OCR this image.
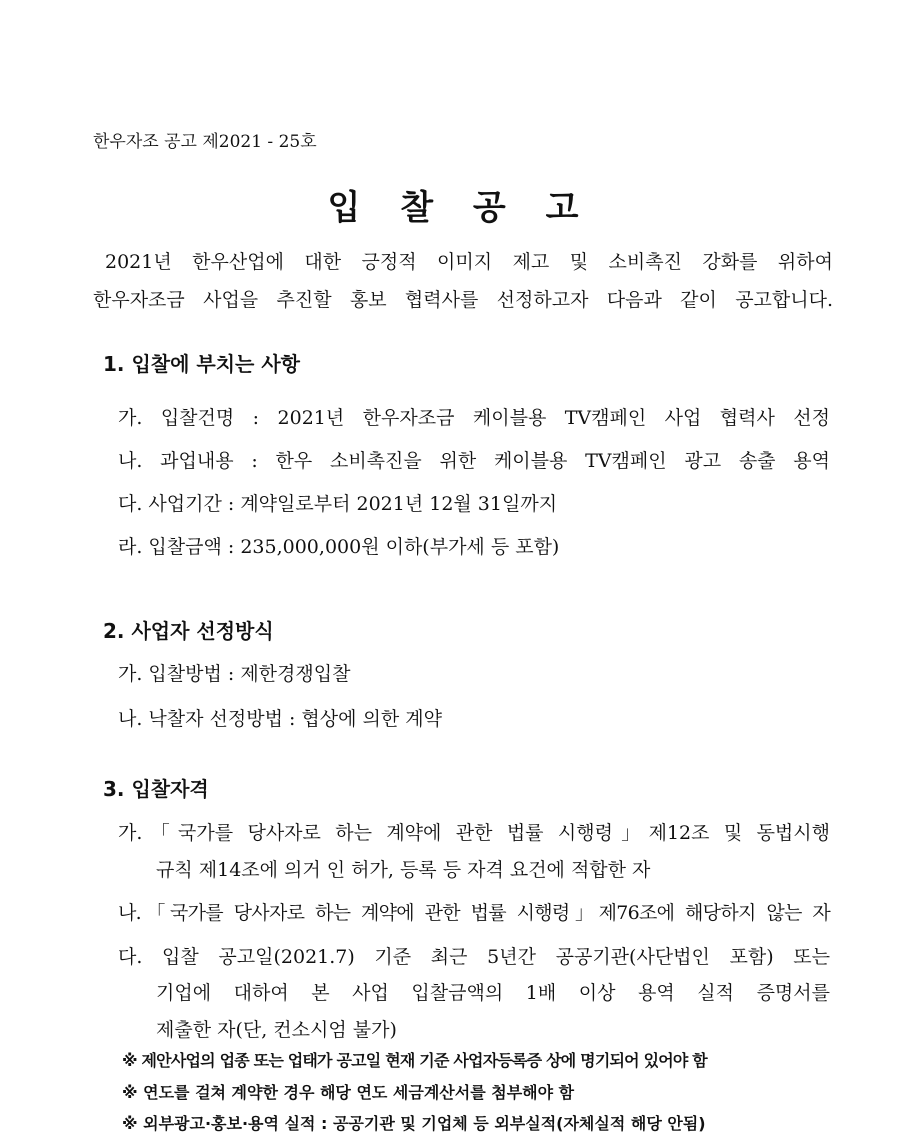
한우자조 공고 제2021 - 25호
입 찰 공 고
2021년 한우산업에 대한 긍정적 이미지 제고 및 소비촉진 강화를 위하여
한우자조금 사업을 추진할 홍보 협력사를 선정하고자 다음과 같이 공고합니다.
1. 입찰에 부치는 사항
가. 입찰건명 : 2021년 한우자조금 케이블용 TV캠페인 사업 협력사 선정
나. 과업내용 : 한우 소비촉진을 위한 케이블용 TV캠페인 광고 송출 용역
다. 사업기간 : 계약일로부터 2021년 12월 31일까지
라. 입찰금액 : 235,000,000원 이하(부가세 등 포함)
2. 사업자 선정방식
가. 입찰방법 : 제한경쟁입찰
나. 낙찰자 선정방법 : 협상에 의한 계약
3. 입찰자격
가.「국가를 당사자로 하는 계약에 관한 법률 시행령」제12조 및 동법시행
규칙 제14조에 의거 인 허가, 등록 등 자격 요건에 적합한 자
나.「국가를 당사자로 하는 계약에 관한 법률 시행령」제76조에 해당하지 않는 자
다. 입찰 공고일(2021.7) 기준 최근 5년간 공공기관(사단법인 포함) 또는
기업에 대하여 본 사업 입찰금액의 1배 이상 용역 실적 증명서를
제출한 자(단, 컨소시엄 불가)
※ 제안사업의 업종 또는 업태가 공고일 현재 기준 사업자등록증 상에 명기되어 있어야 함
※ 연도를 걸쳐 계약한 경우 해당 연도 세금계산서를 첨부해야 함
※ 외부광고·홍보·용역 실적 : 공공기관 및 기업체 등 외부실적(자체실적 해당 안됨)
